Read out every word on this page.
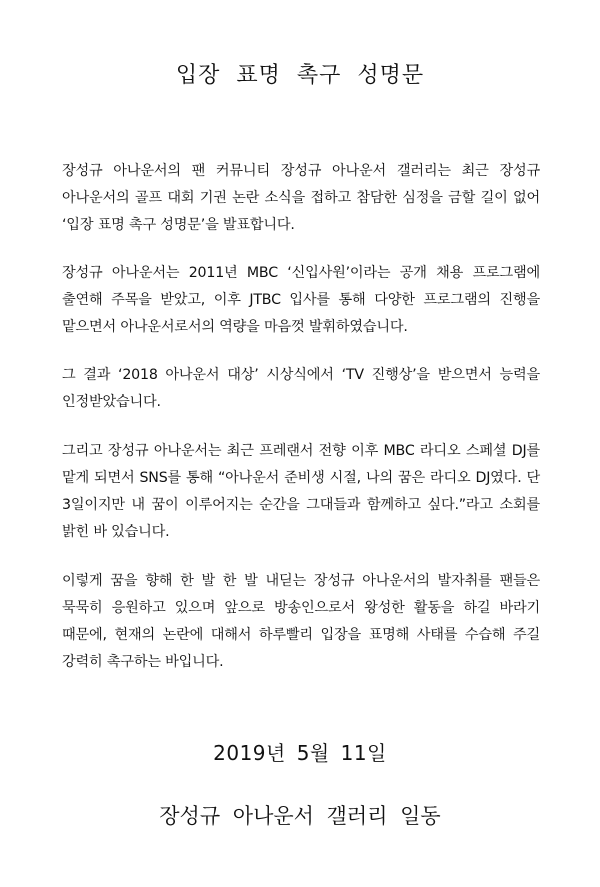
입장 표명 촉구 성명문
장성규 아나운서의 팬 커뮤니티 장성규 아나운서 갤러리는 최근 장성규 아나운서의 골프 대회 기권 논란 소식을 접하고 참담한 심정을 금할 길이 없어 ‘입장 표명 촉구 성명문’을 발표합니다.
장성규 아나운서는 2011년 MBC ‘신입사원’이라는 공개 채용 프로그램에 출연해 주목을 받았고, 이후 JTBC 입사를 통해 다양한 프로그램의 진행을 맡으면서 아나운서로서의 역량을 마음껏 발휘하였습니다.
그 결과 ‘2018 아나운서 대상’ 시상식에서 ‘TV 진행상’을 받으면서 능력을 인정받았습니다.
그리고 장성규 아나운서는 최근 프레랜서 전향 이후 MBC 라디오 스페셜 DJ를 맡게 되면서 SNS를 통해 “아나운서 준비생 시절, 나의 꿈은 라디오 DJ였다. 단 3일이지만 내 꿈이 이루어지는 순간을 그대들과 함께하고 싶다.”라고 소회를 밝힌 바 있습니다.
이렇게 꿈을 향해 한 발 한 발 내딛는 장성규 아나운서의 발자취를 팬들은 묵묵히 응원하고 있으며 앞으로 방송인으로서 왕성한 활동을 하길 바라기 때문에, 현재의 논란에 대해서 하루빨리 입장을 표명해 사태를 수습해 주길 강력히 촉구하는 바입니다.
2019년 5월 11일
장성규 아나운서 갤러리 일동
